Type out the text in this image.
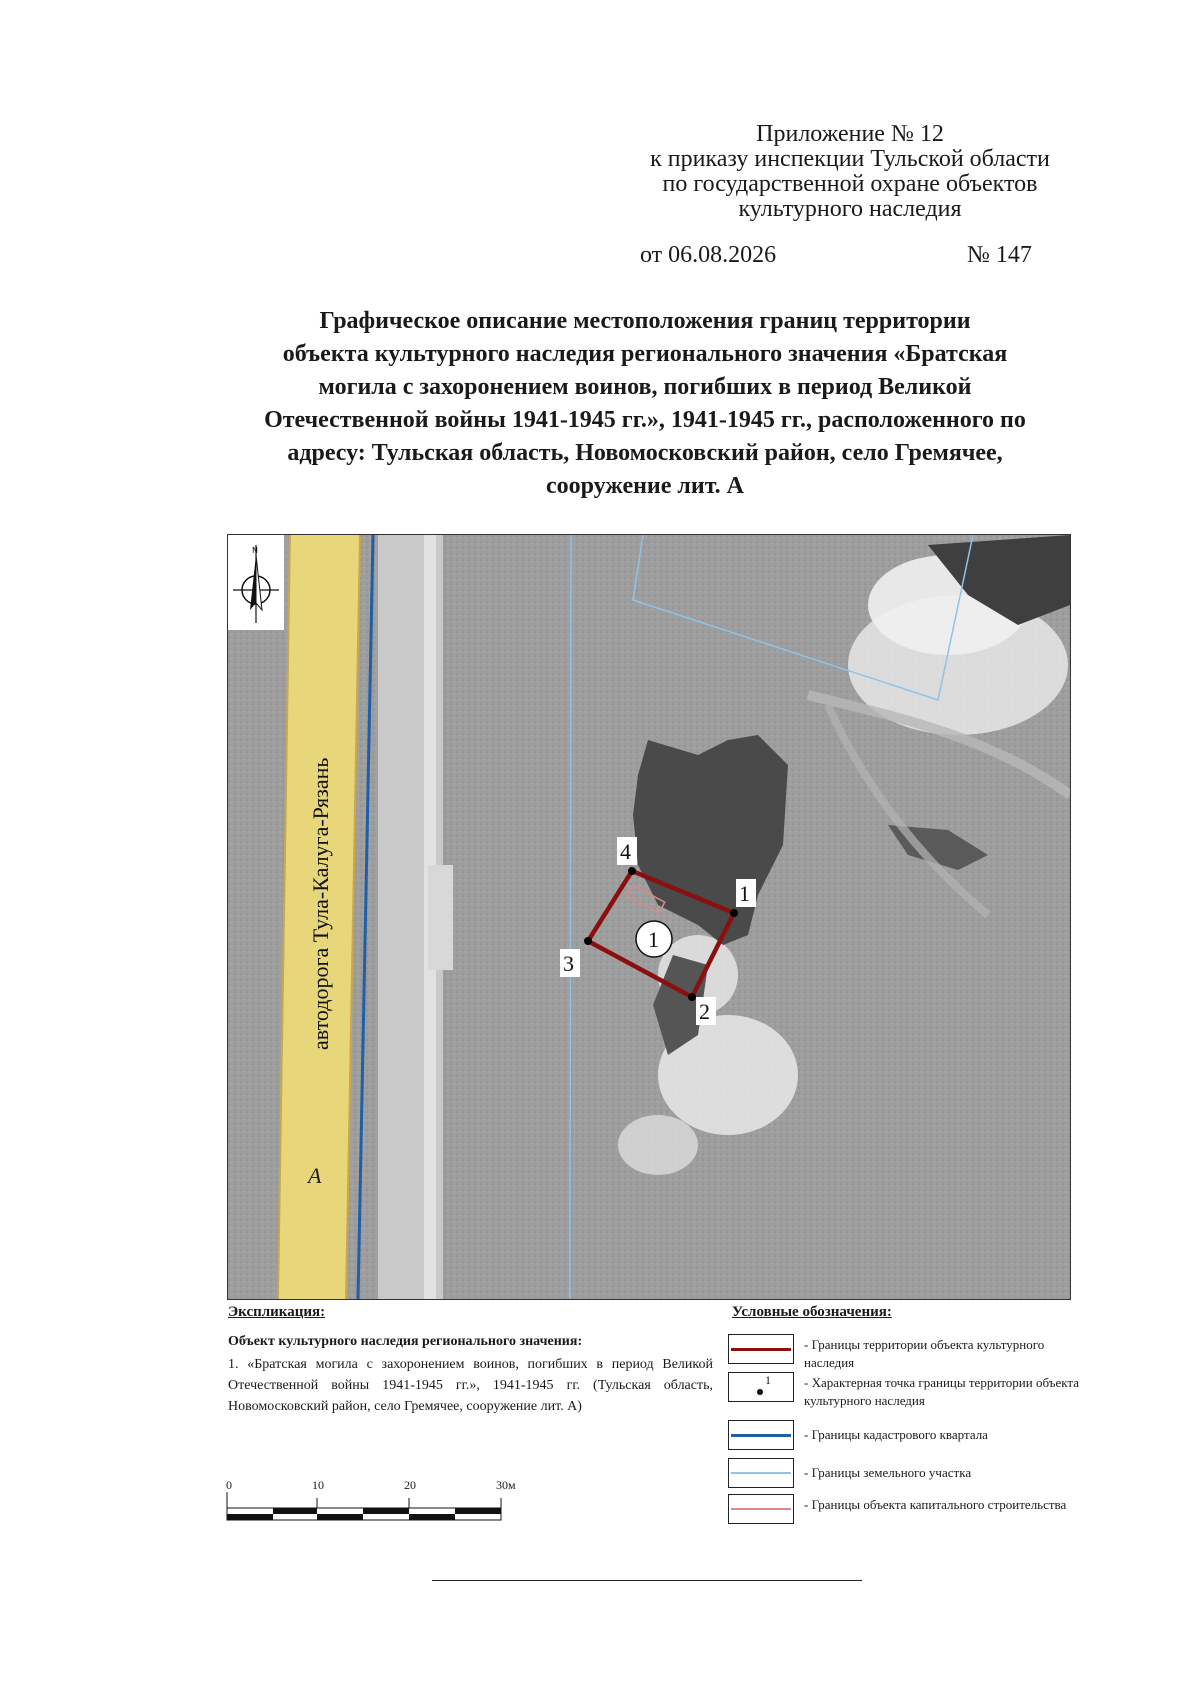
Приложение № 12
к приказу инспекции Тульской области
по государственной охране объектов
культурного наследия
от 06.08.2026	№ 147
Графическое описание местоположения границ территории
объекта культурного наследия регионального значения «Братская
могила с захоронением воинов, погибших в период Великой
Отечественной войны 1941-1945 гг.», 1941-1945 гг., расположенного по
адресу: Тульская область, Новомосковский район, село Гремячее,
сооружение лит. А
N
автодорога Тула-Калуга-Рязань
А
1
2
3
4
1
Экспликация:
Объект культурного наследия регионального значения:
1. «Братская могила с захоронением воинов, погибших в период Великой Отечественной войны 1941-1945 гг.», 1941-1945 гг. (Тульская область, Новомосковский район, село Гремячее, сооружение лит. А)
Условные обозначения:
- Границы территории объекта культурного наследия
1	- Характерная точка границы территории объекта культурного наследия
- Границы кадастрового квартала
- Границы земельного участка
- Границы объекта капитального строительства
0	10	20	30м
